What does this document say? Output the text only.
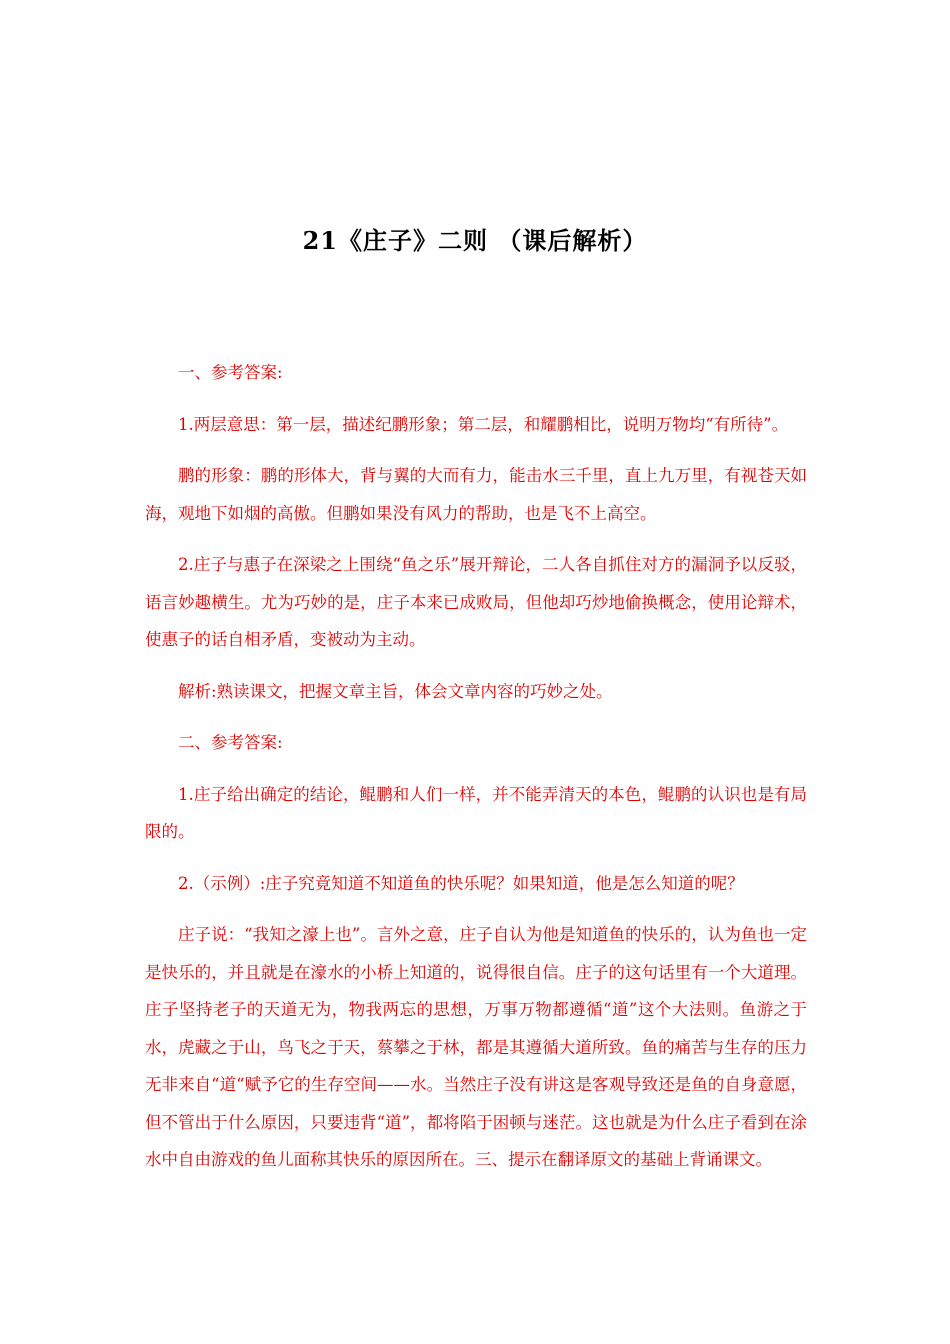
21《庄子》二则 （课后解析）

一、参考答案:

1.两层意思：第一层，描述纪鹏形象；第二层，和耀鹏相比，说明万物均“有所待”。

鹏的形象：鹏的形体大，背与翼的大而有力，能击水三千里，直上九万里，有视苍天如海，观地下如烟的高傲。但鹏如果没有风力的帮助，也是飞不上高空。

2.庄子与惠子在深梁之上围绕“鱼之乐”展开辩论，二人各自抓住对方的漏洞予以反驳，语言妙趣横生。尤为巧妙的是，庄子本来已成败局，但他却巧炒地偷换概念，使用论辩术，使惠子的话自相矛盾，变被动为主动。

解析:熟读课文，把握文章主旨，体会文章内容的巧妙之处。

二、参考答案:

1.庄子给出确定的结论，鲲鹏和人们一样，并不能弄清天的本色，鲲鹏的认识也是有局限的。

2.（示例）:庄子究竟知道不知道鱼的快乐呢？如果知道，他是怎么知道的呢？

庄子说：“我知之濠上也”。言外之意，庄子自认为他是知道鱼的快乐的，认为鱼也一定是快乐的，并且就是在濠水的小桥上知道的，说得很自信。庄子的这句话里有一个大道理。庄子坚持老子的天道无为，物我两忘的思想，万事万物都遵循“道”这个大法则。鱼游之于水，虎藏之于山，鸟飞之于天，蔡攀之于林，都是其遵循大道所致。鱼的痛苦与生存的压力无非来自“道“赋予它的生存空间——水。当然庄子没有讲这是客观导致还是鱼的自身意愿，但不管出于什么原因，只要违背“道”，都将陷于困顿与迷茫。这也就是为什么庄子看到在涂水中自由游戏的鱼儿面称其快乐的原因所在。三、提示在翻译原文的基础上背诵课文。
